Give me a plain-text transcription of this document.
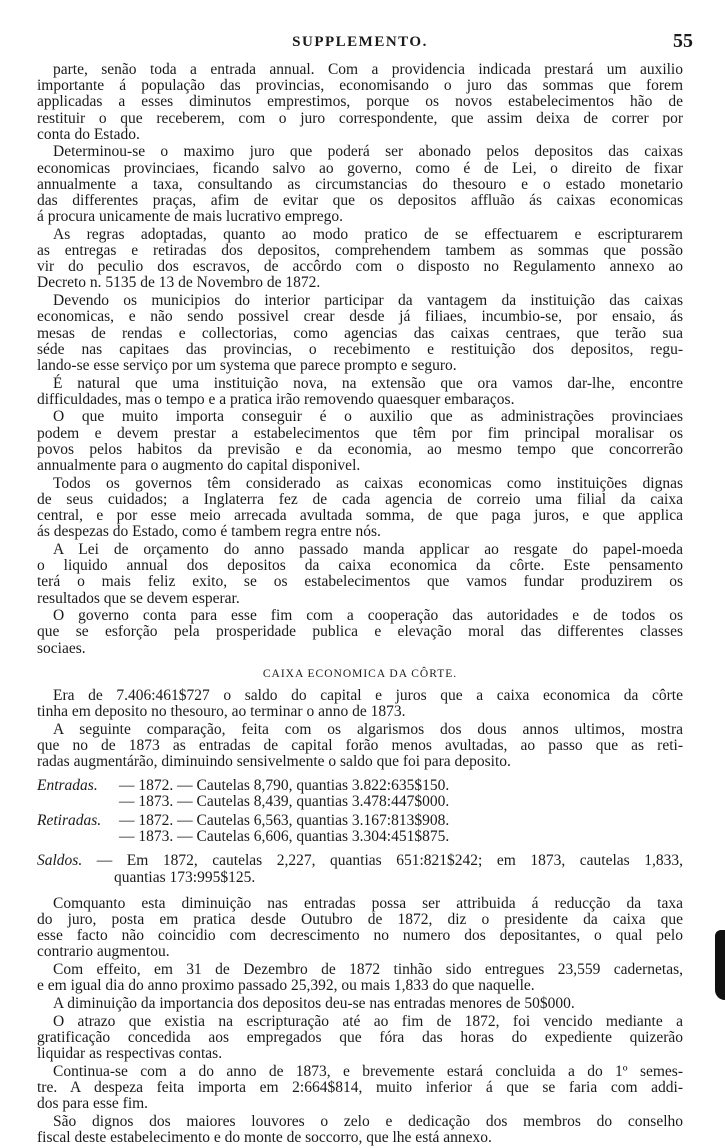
SUPPLEMENTO.	55
parte, senão toda a entrada annual. Com a providencia indicada prestará um auxilio
importante á população das provincias, economisando o juro das sommas que forem
applicadas a esses diminutos emprestimos, porque os novos estabelecimentos hão de
restituir o que receberem, com o juro correspondente, que assim deixa de correr por
conta do Estado.
Determinou-se o maximo juro que poderá ser abonado pelos depositos das caixas
economicas provinciaes, ficando salvo ao governo, como é de Lei, o direito de fixar
annualmente a taxa, consultando as circumstancias do thesouro e o estado monetario
das differentes praças, afim de evitar que os depositos affluão ás caixas economicas
á procura unicamente de mais lucrativo emprego.
As regras adoptadas, quanto ao modo pratico de se effectuarem e escripturarem
as entregas e retiradas dos depositos, comprehendem tambem as sommas que possão
vir do peculio dos escravos, de accôrdo com o disposto no Regulamento annexo ao
Decreto n. 5135 de 13 de Novembro de 1872.
Devendo os municipios do interior participar da vantagem da instituição das caixas
economicas, e não sendo possivel crear desde já filiaes, incumbio-se, por ensaio, ás
mesas de rendas e collectorias, como agencias das caixas centraes, que terão sua
séde nas capitaes das provincias, o recebimento e restituição dos depositos, regu-
lando-se esse serviço por um systema que parece prompto e seguro.
É natural que uma instituição nova, na extensão que ora vamos dar-lhe, encontre
difficuldades, mas o tempo e a pratica irão removendo quaesquer embaraços.
O que muito importa conseguir é o auxilio que as administrações provinciaes
podem e devem prestar a estabelecimentos que têm por fim principal moralisar os
povos pelos habitos da previsão e da economia, ao mesmo tempo que concorrerão
annualmente para o augmento do capital disponivel.
Todos os governos têm considerado as caixas economicas como instituições dignas
de seus cuidados; a Inglaterra fez de cada agencia de correio uma filial da caixa
central, e por esse meio arrecada avultada somma, de que paga juros, e que applica
ás despezas do Estado, como é tambem regra entre nós.
A Lei de orçamento do anno passado manda applicar ao resgate do papel-moeda
o liquido annual dos depositos da caixa economica da côrte. Este pensamento
terá o mais feliz exito, se os estabelecimentos que vamos fundar produzirem os
resultados que se devem esperar.
O governo conta para esse fim com a cooperação das autoridades e de todos os
que se esforção pela prosperidade publica e elevação moral das differentes classes
sociaes.
CAIXA ECONOMICA DA CÔRTE.
Era de 7.406:461$727 o saldo do capital e juros que a caixa economica da côrte
tinha em deposito no thesouro, ao terminar o anno de 1873.
A seguinte comparação, feita com os algarismos dos dous annos ultimos, mostra
que no de 1873 as entradas de capital forão menos avultadas, ao passo que as reti-
radas augmentárão, diminuindo sensivelmente o saldo que foi para deposito.
Entradas.	— 1872. — Cautelas 8,790, quantias 3.822:635$150.
— 1873. — Cautelas 8,439, quantias 3.478:447$000.
Retiradas.	— 1872. — Cautelas 6,563, quantias 3.167:813$908.
— 1873. — Cautelas 6,606, quantias 3.304:451$875.
Saldos. — Em 1872, cautelas 2,227, quantias 651:821$242; em 1873, cautelas 1,833,
quantias 173:995$125.
Comquanto esta diminuição nas entradas possa ser attribuida á reducção da taxa
do juro, posta em pratica desde Outubro de 1872, diz o presidente da caixa que
esse facto não coincidio com decrescimento no numero dos depositantes, o qual pelo
contrario augmentou.
Com effeito, em 31 de Dezembro de 1872 tinhão sido entregues 23,559 cadernetas,
e em igual dia do anno proximo passado 25,392, ou mais 1,833 do que naquelle.
A diminuição da importancia dos depositos deu-se nas entradas menores de 50$000.
O atrazo que existia na escripturação até ao fim de 1872, foi vencido mediante a
gratificação concedida aos empregados que fóra das horas do expediente quizerão
liquidar as respectivas contas.
Continua-se com a do anno de 1873, e brevemente estará concluida a do 1º semes-
tre. A despeza feita importa em 2:664$814, muito inferior á que se faria com addi-
dos para esse fim.
São dignos dos maiores louvores o zelo e dedicação dos membros do conselho
fiscal deste estabelecimento e do monte de soccorro, que lhe está annexo.
